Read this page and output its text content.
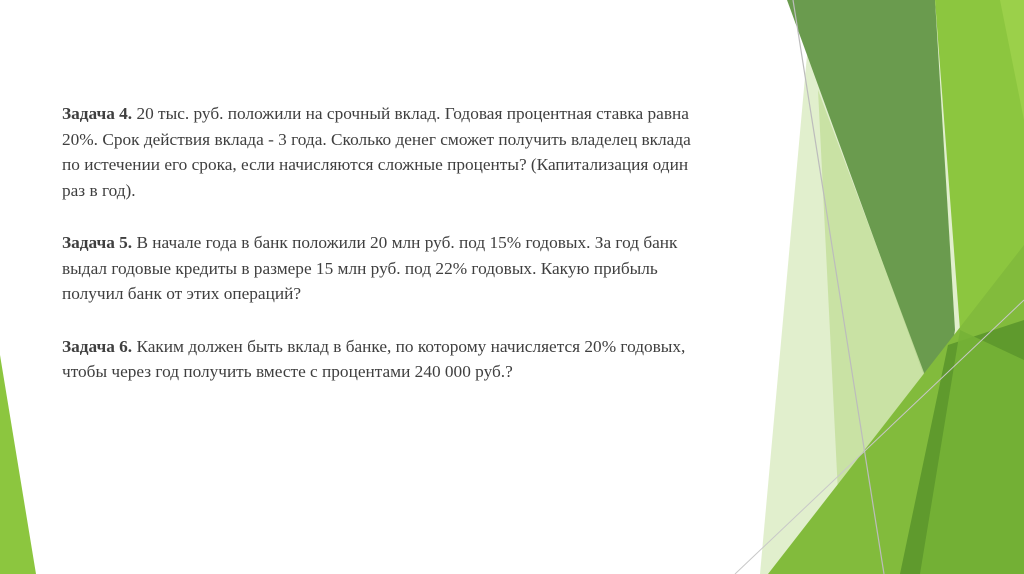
Задача 4. 20 тыс. руб. положили на срочный вклад. Годовая процентная ставка равна
20%. Срок действия вклада - 3 года. Сколько денег сможет получить владелец вклада
по истечении его срока, если начисляются сложные проценты? (Капитализация один
раз в год).

Задача 5. В начале года в банк положили 20 млн руб. под 15% годовых. За год банк
выдал годовые кредиты в размере 15 млн руб. под 22% годовых. Какую прибыль
получил банк от этих операций?

Задача 6. Каким должен быть вклад в банке, по которому начисляется 20% годовых,
чтобы через год получить вместе с процентами 240 000 руб.?
